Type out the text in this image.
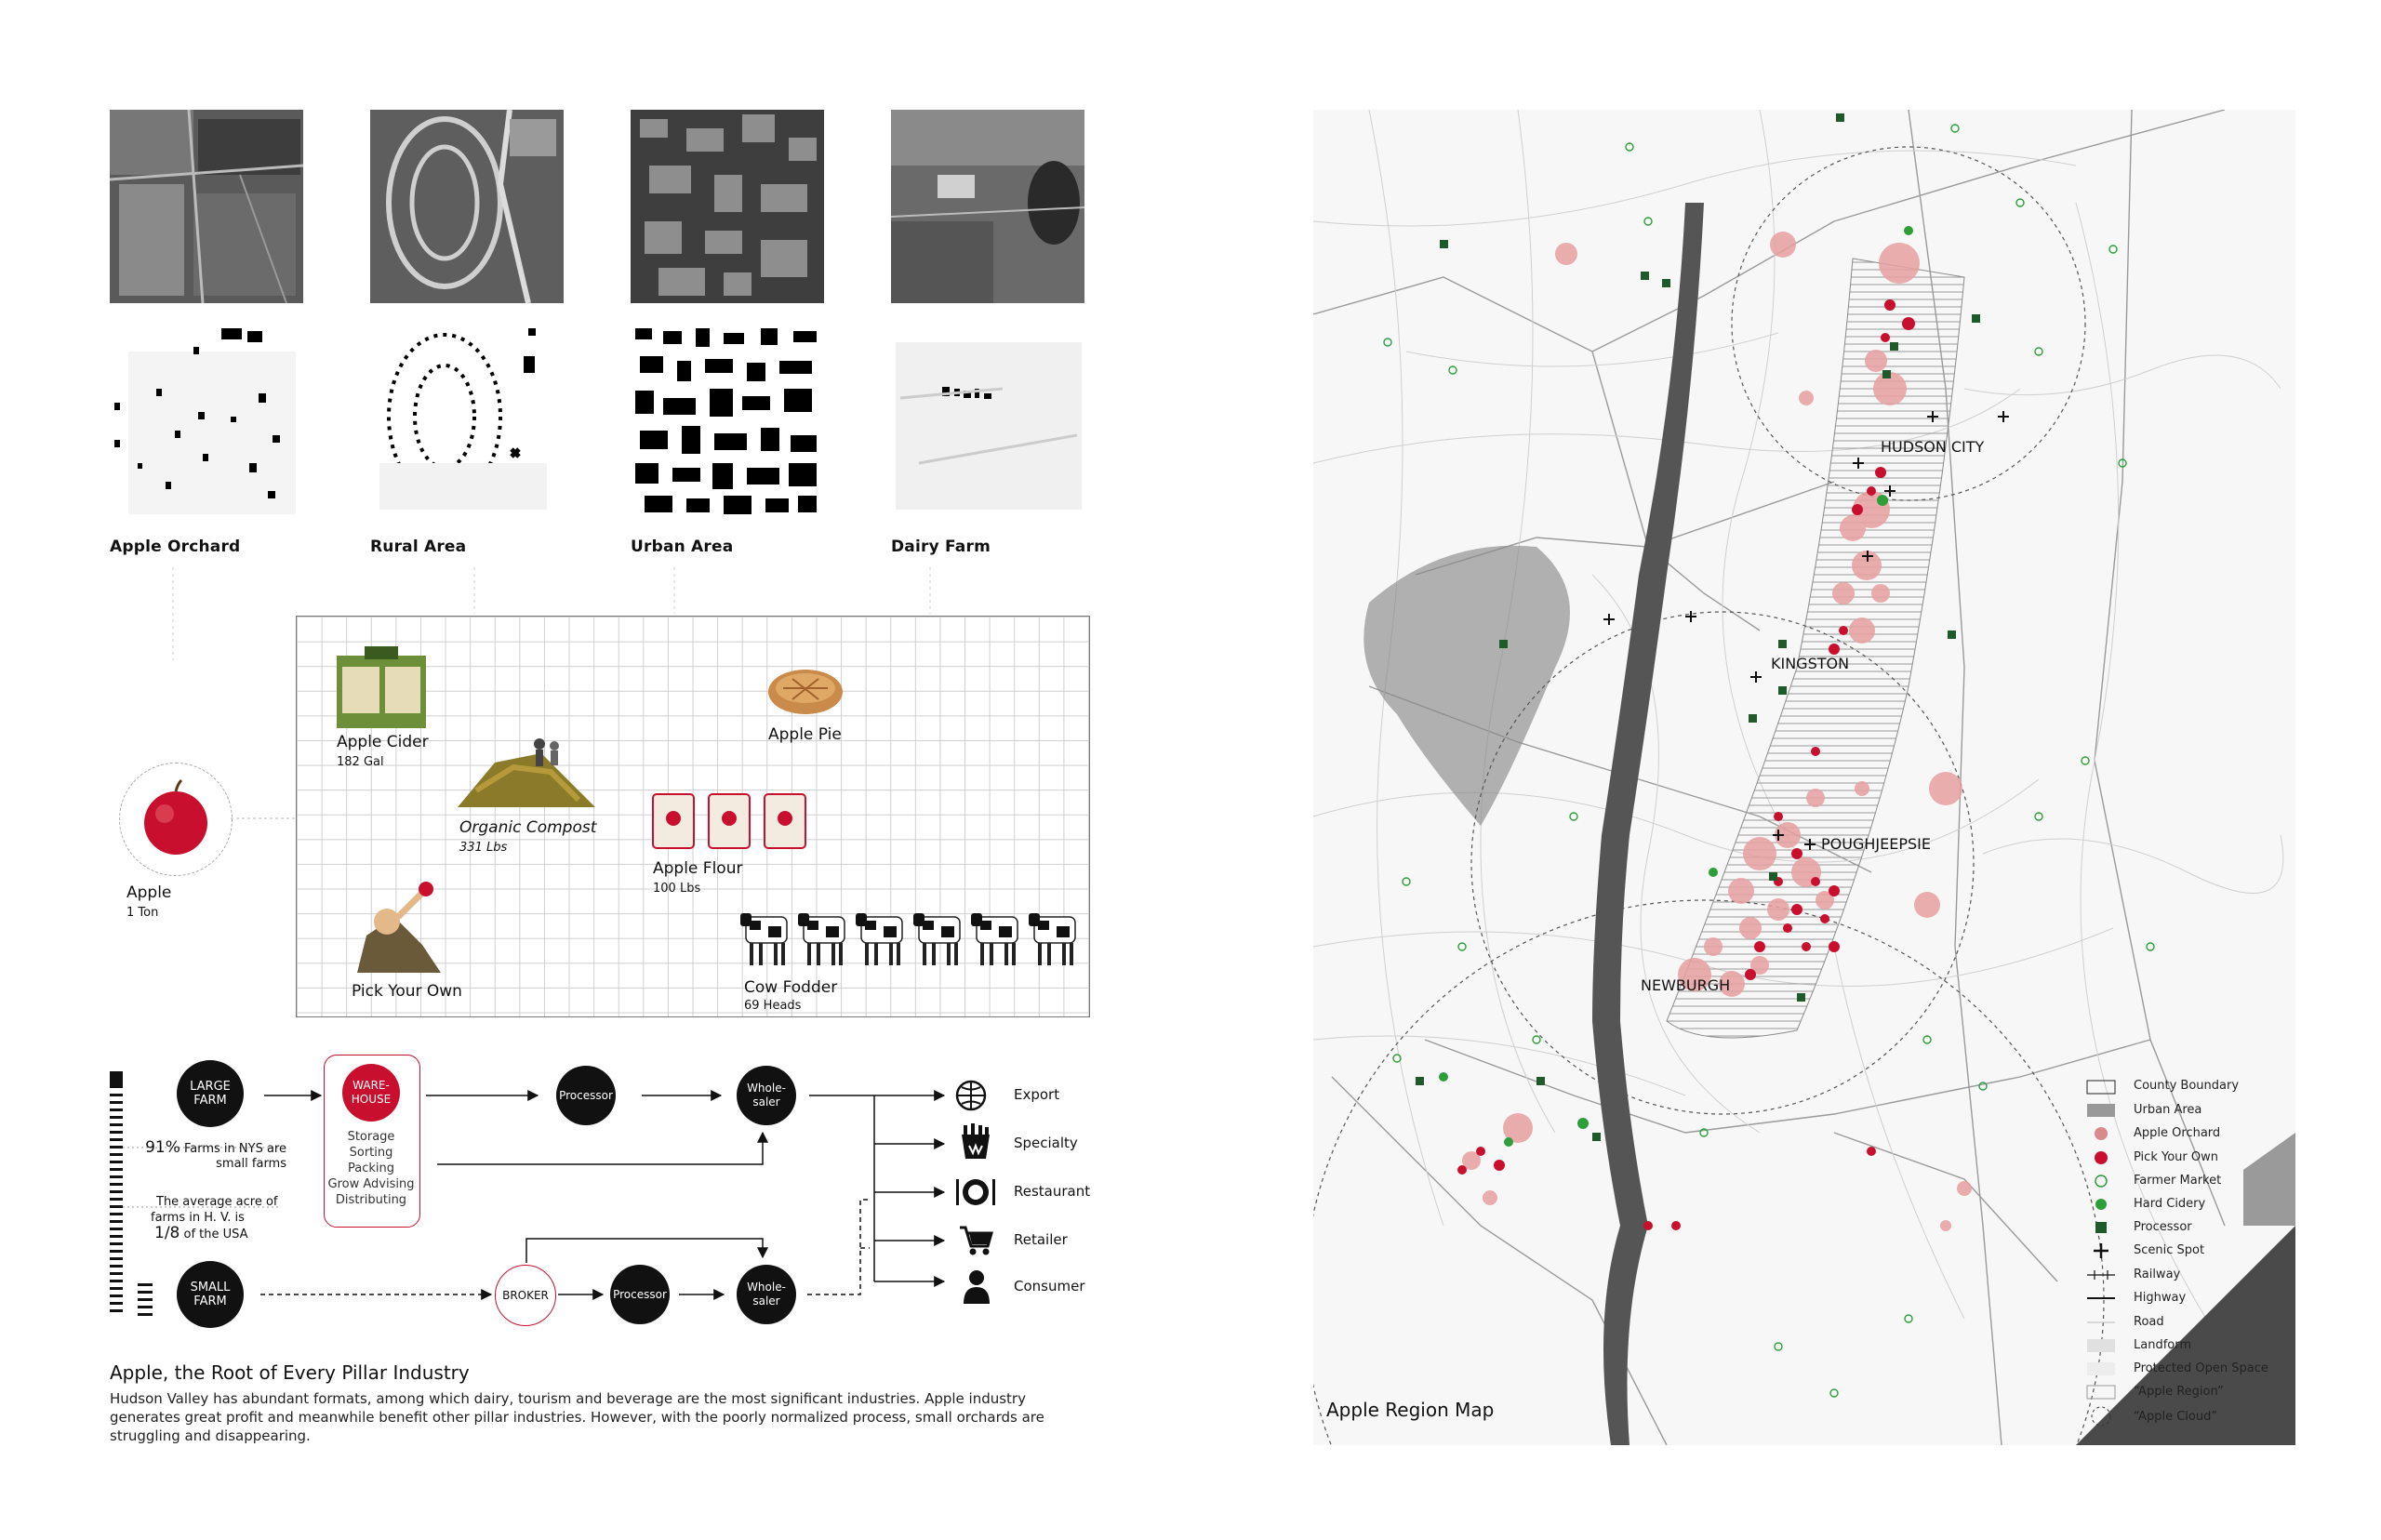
Apple Orchard	Rural Area	Urban Area	Dairy Farm
Apple
1 Ton
Apple Cider
182 Gal
Apple Pie
Organic Compost
331 Lbs
Apple Flour
100 Lbs
Pick Your Own	Cow Fodder
69 Heads
LARGE FARM
WARE-HOUSE
Storage
Sorting
Packing
Grow Advising
Distributing
Processor
Whole-saler
91% Farms in NYS are
small farms
The average acre of
farms in H. V. is
1/8 of the USA
SMALL FARM	BROKER	Processor
Whole-saler
Export
Specialty
Restaurant
Retailer
Consumer
Apple, the Root of Every Pillar Industry
Hudson Valley has abundant formats, among which dairy, tourism and beverage are the most significant industries. Apple industry generates great profit and meanwhile benefit other pillar industries. However, with the poorly normalized process, small orchards are struggling and disappearing.
HUDSON CITY
KINGSTON
POUGHJEEPSIE
NEWBURGH
Apple Region Map
County Boundary
Urban Area
Apple Orchard
Pick Your Own
Farmer Market
Hard Cidery
Processor
Scenic Spot
Railway
Highway
Road
Landform
Protected Open Space
“Apple Region”
“Apple Cloud”
